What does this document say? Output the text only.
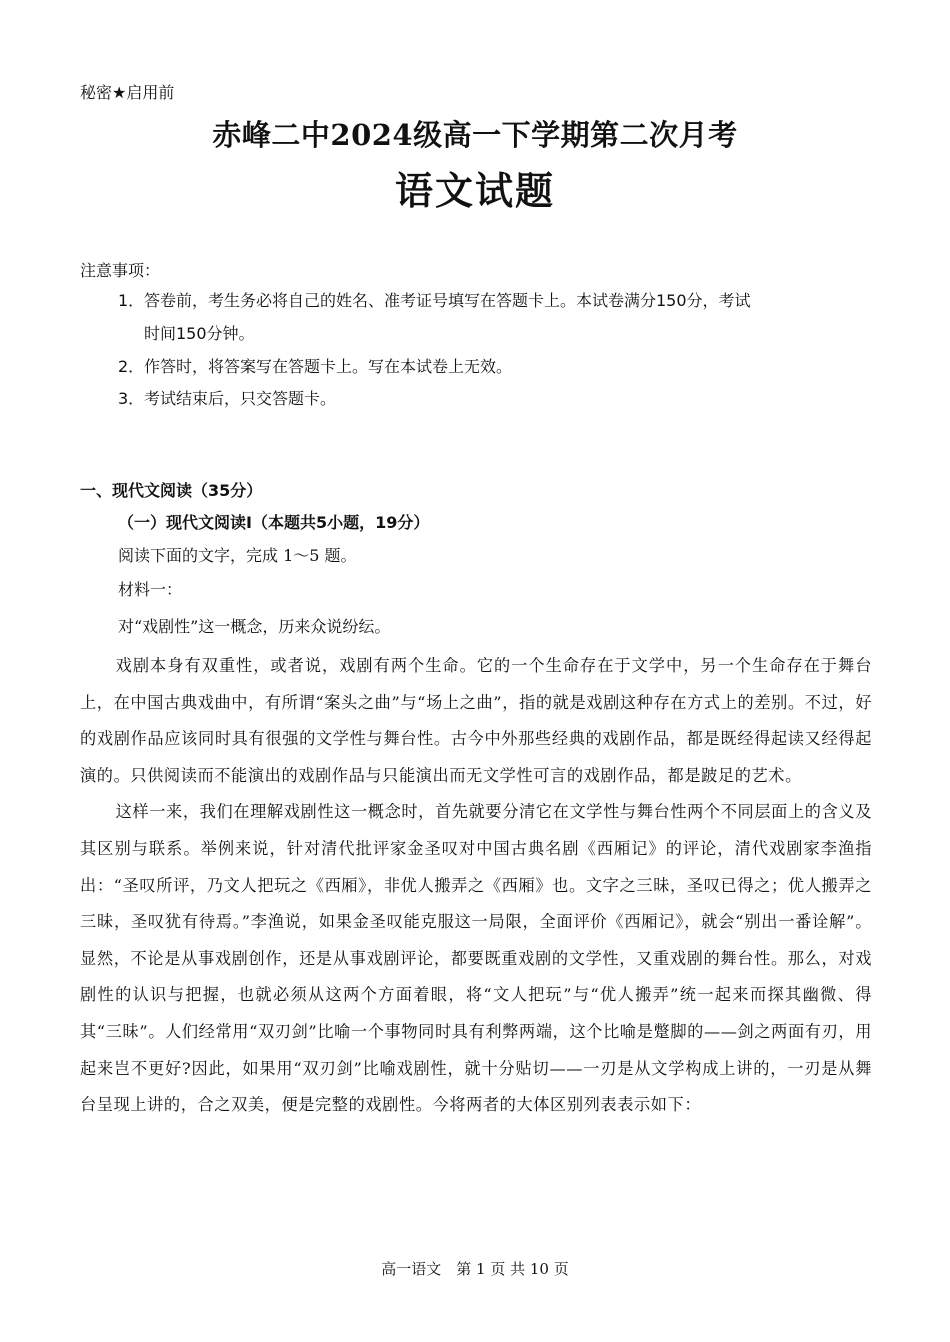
秘密★启用前
赤峰二中2024级高一下学期第二次月考
语文试题
注意事项：
1．答卷前，考生务必将自己的姓名、准考证号填写在答题卡上。本试卷满分150分，考试
时间150分钟。
2．作答时，将答案写在答题卡上。写在本试卷上无效。
3．考试结束后，只交答题卡。
一、现代文阅读（35分）
（一）现代文阅读Ⅰ（本题共5小题，19分）
阅读下面的文字，完成 1～5 题。
材料一：
对“戏剧性”这一概念，历来众说纷纭。

戏剧本身有双重性，或者说，戏剧有两个生命。它的一个生命存在于文学中，另一个生命存在于舞台上，在中国古典戏曲中，有所谓“案头之曲”与“场上之曲”，指的就是戏剧这种存在方式上的差别。不过，好的戏剧作品应该同时具有很强的文学性与舞台性。古今中外那些经典的戏剧作品，都是既经得起读又经得起演的。只供阅读而不能演出的戏剧作品与只能演出而无文学性可言的戏剧作品，都是跛足的艺术。

这样一来，我们在理解戏剧性这一概念时，首先就要分清它在文学性与舞台性两个不同层面上的含义及其区别与联系。举例来说，针对清代批评家金圣叹对中国古典名剧《西厢记》的评论，清代戏剧家李渔指出：“圣叹所评，乃文人把玩之《西厢》，非优人搬弄之《西厢》也。文字之三昧，圣叹已得之；优人搬弄之三昧，圣叹犹有待焉。”李渔说，如果金圣叹能克服这一局限，全面评价《西厢记》，就会“别出一番诠解”。显然，不论是从事戏剧创作，还是从事戏剧评论，都要既重戏剧的文学性，又重戏剧的舞台性。那么，对戏剧性的认识与把握，也就必须从这两个方面着眼，将“文人把玩”与“优人搬弄”统一起来而探其幽微、得其“三昧”。人们经常用“双刃剑”比喻一个事物同时具有利弊两端，这个比喻是蹩脚的——剑之两面有刃，用起来岂不更好?因此，如果用“双刃剑”比喻戏剧性，就十分贴切——一刃是从文学构成上讲的，一刃是从舞台呈现上讲的，合之双美，便是完整的戏剧性。今将两者的大体区别列表表示如下：

高一语文　第 1 页 共 10 页
